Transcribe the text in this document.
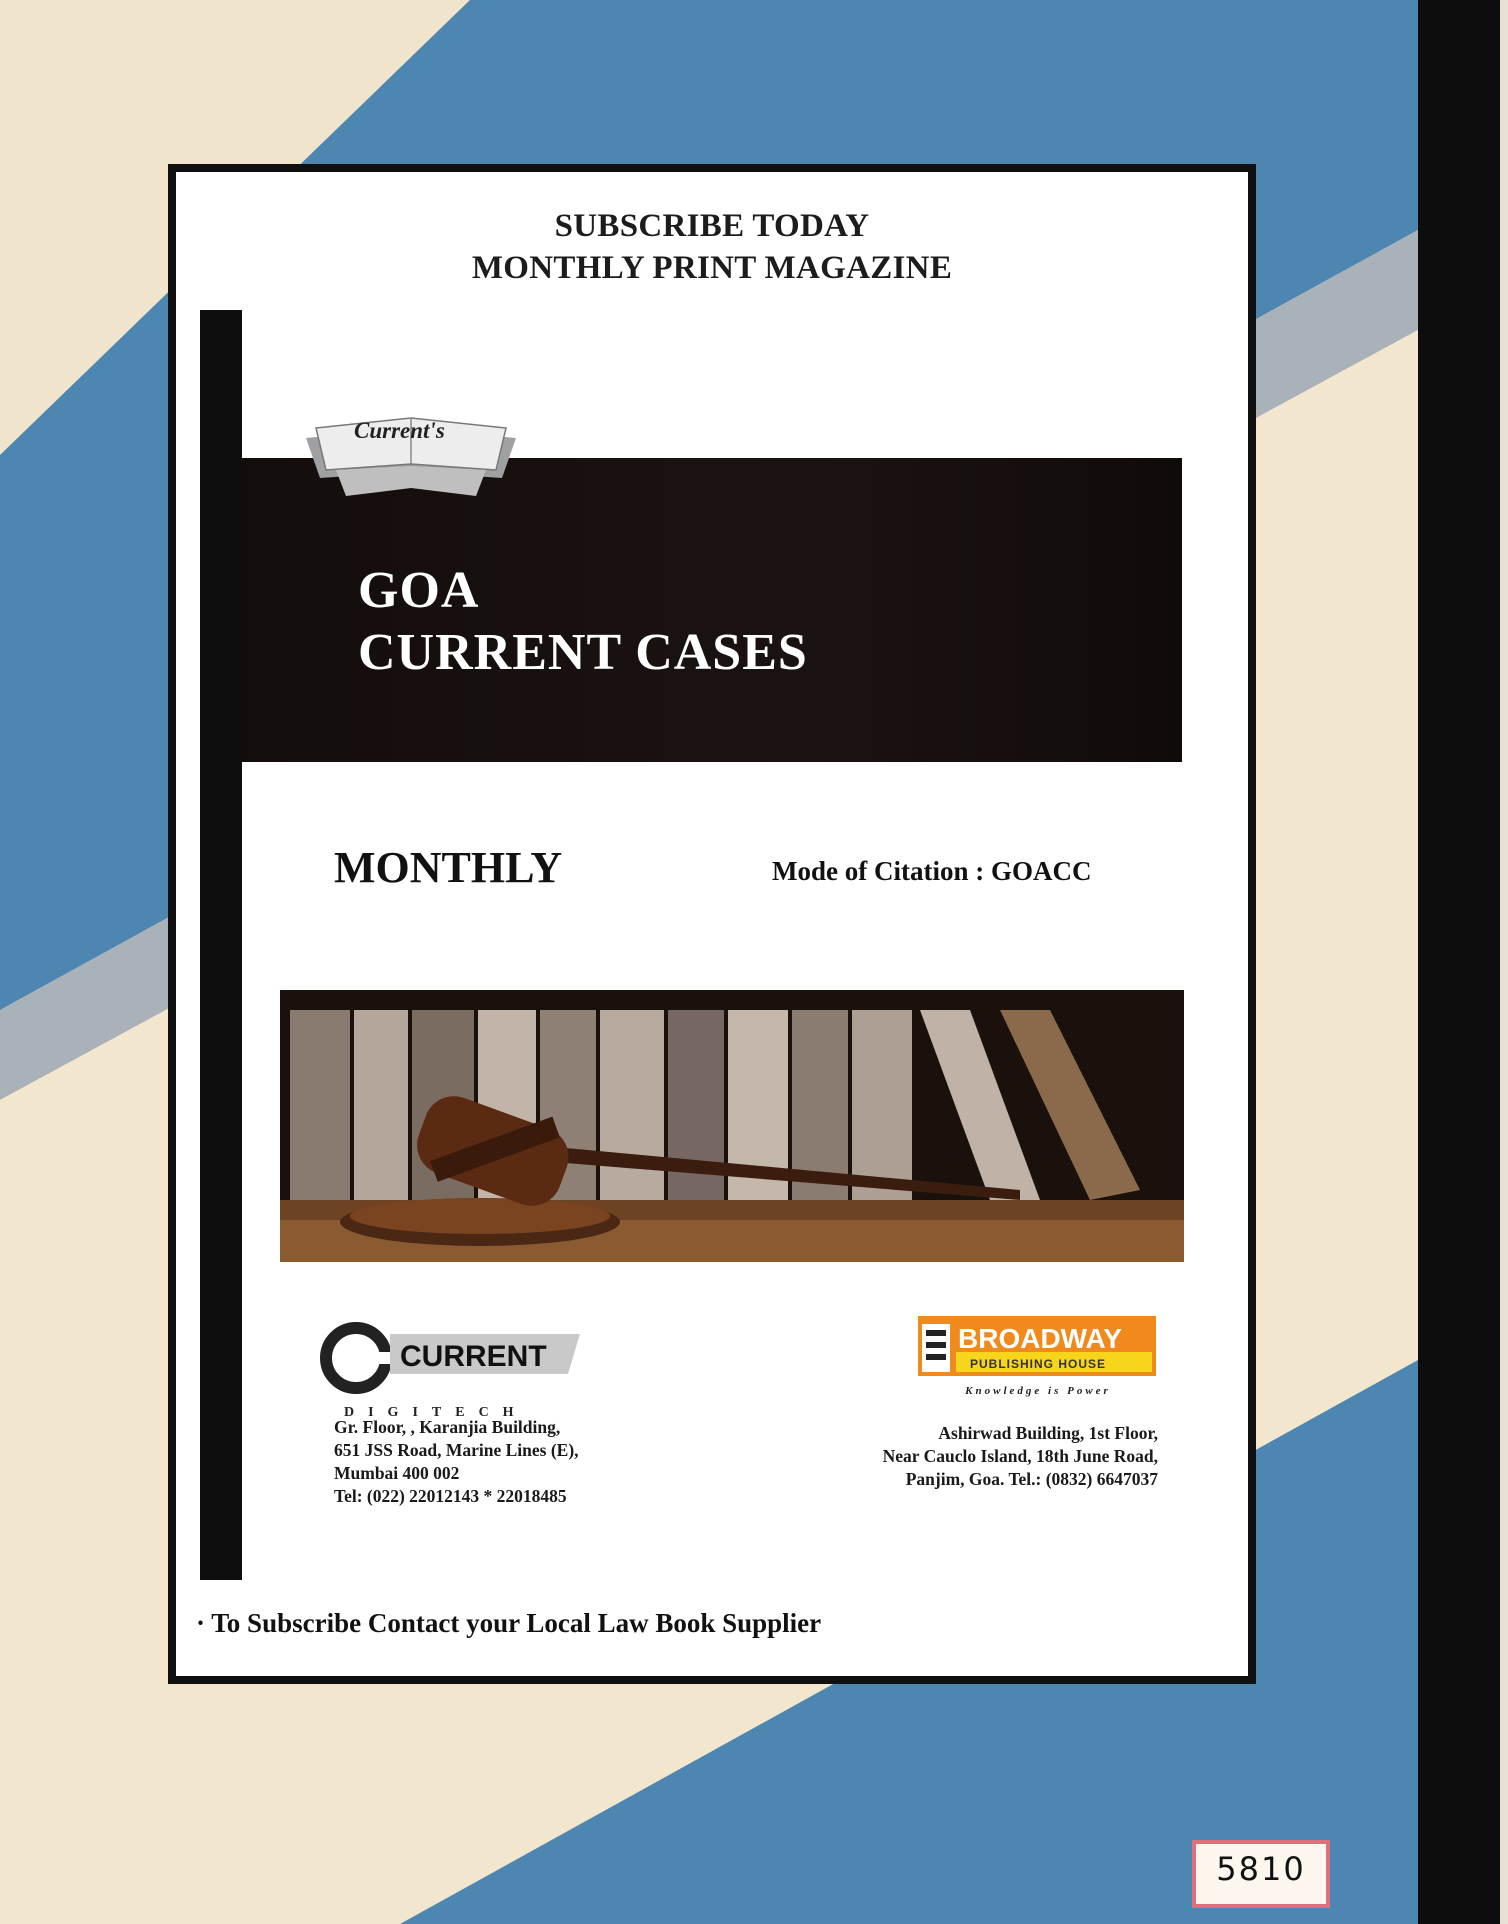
SUBSCRIBE TODAY
MONTHLY PRINT MAGAZINE
Current's
GOA
CURRENT CASES
MONTHLY	Mode of Citation : GOACC
CURRENT
DIGITECH
BROADWAY
PUBLISHING HOUSE
Knowledge is Power
Gr. Floor, , Karanjia Building,
651 JSS Road, Marine Lines (E),
Mumbai 400 002
Tel: (022) 22012143 * 22018485
Ashirwad Building, 1st Floor,
Near Cauclo Island, 18th June Road,
Panjim, Goa. Tel.: (0832) 6647037
· To Subscribe Contact your Local Law Book Supplier
5810
